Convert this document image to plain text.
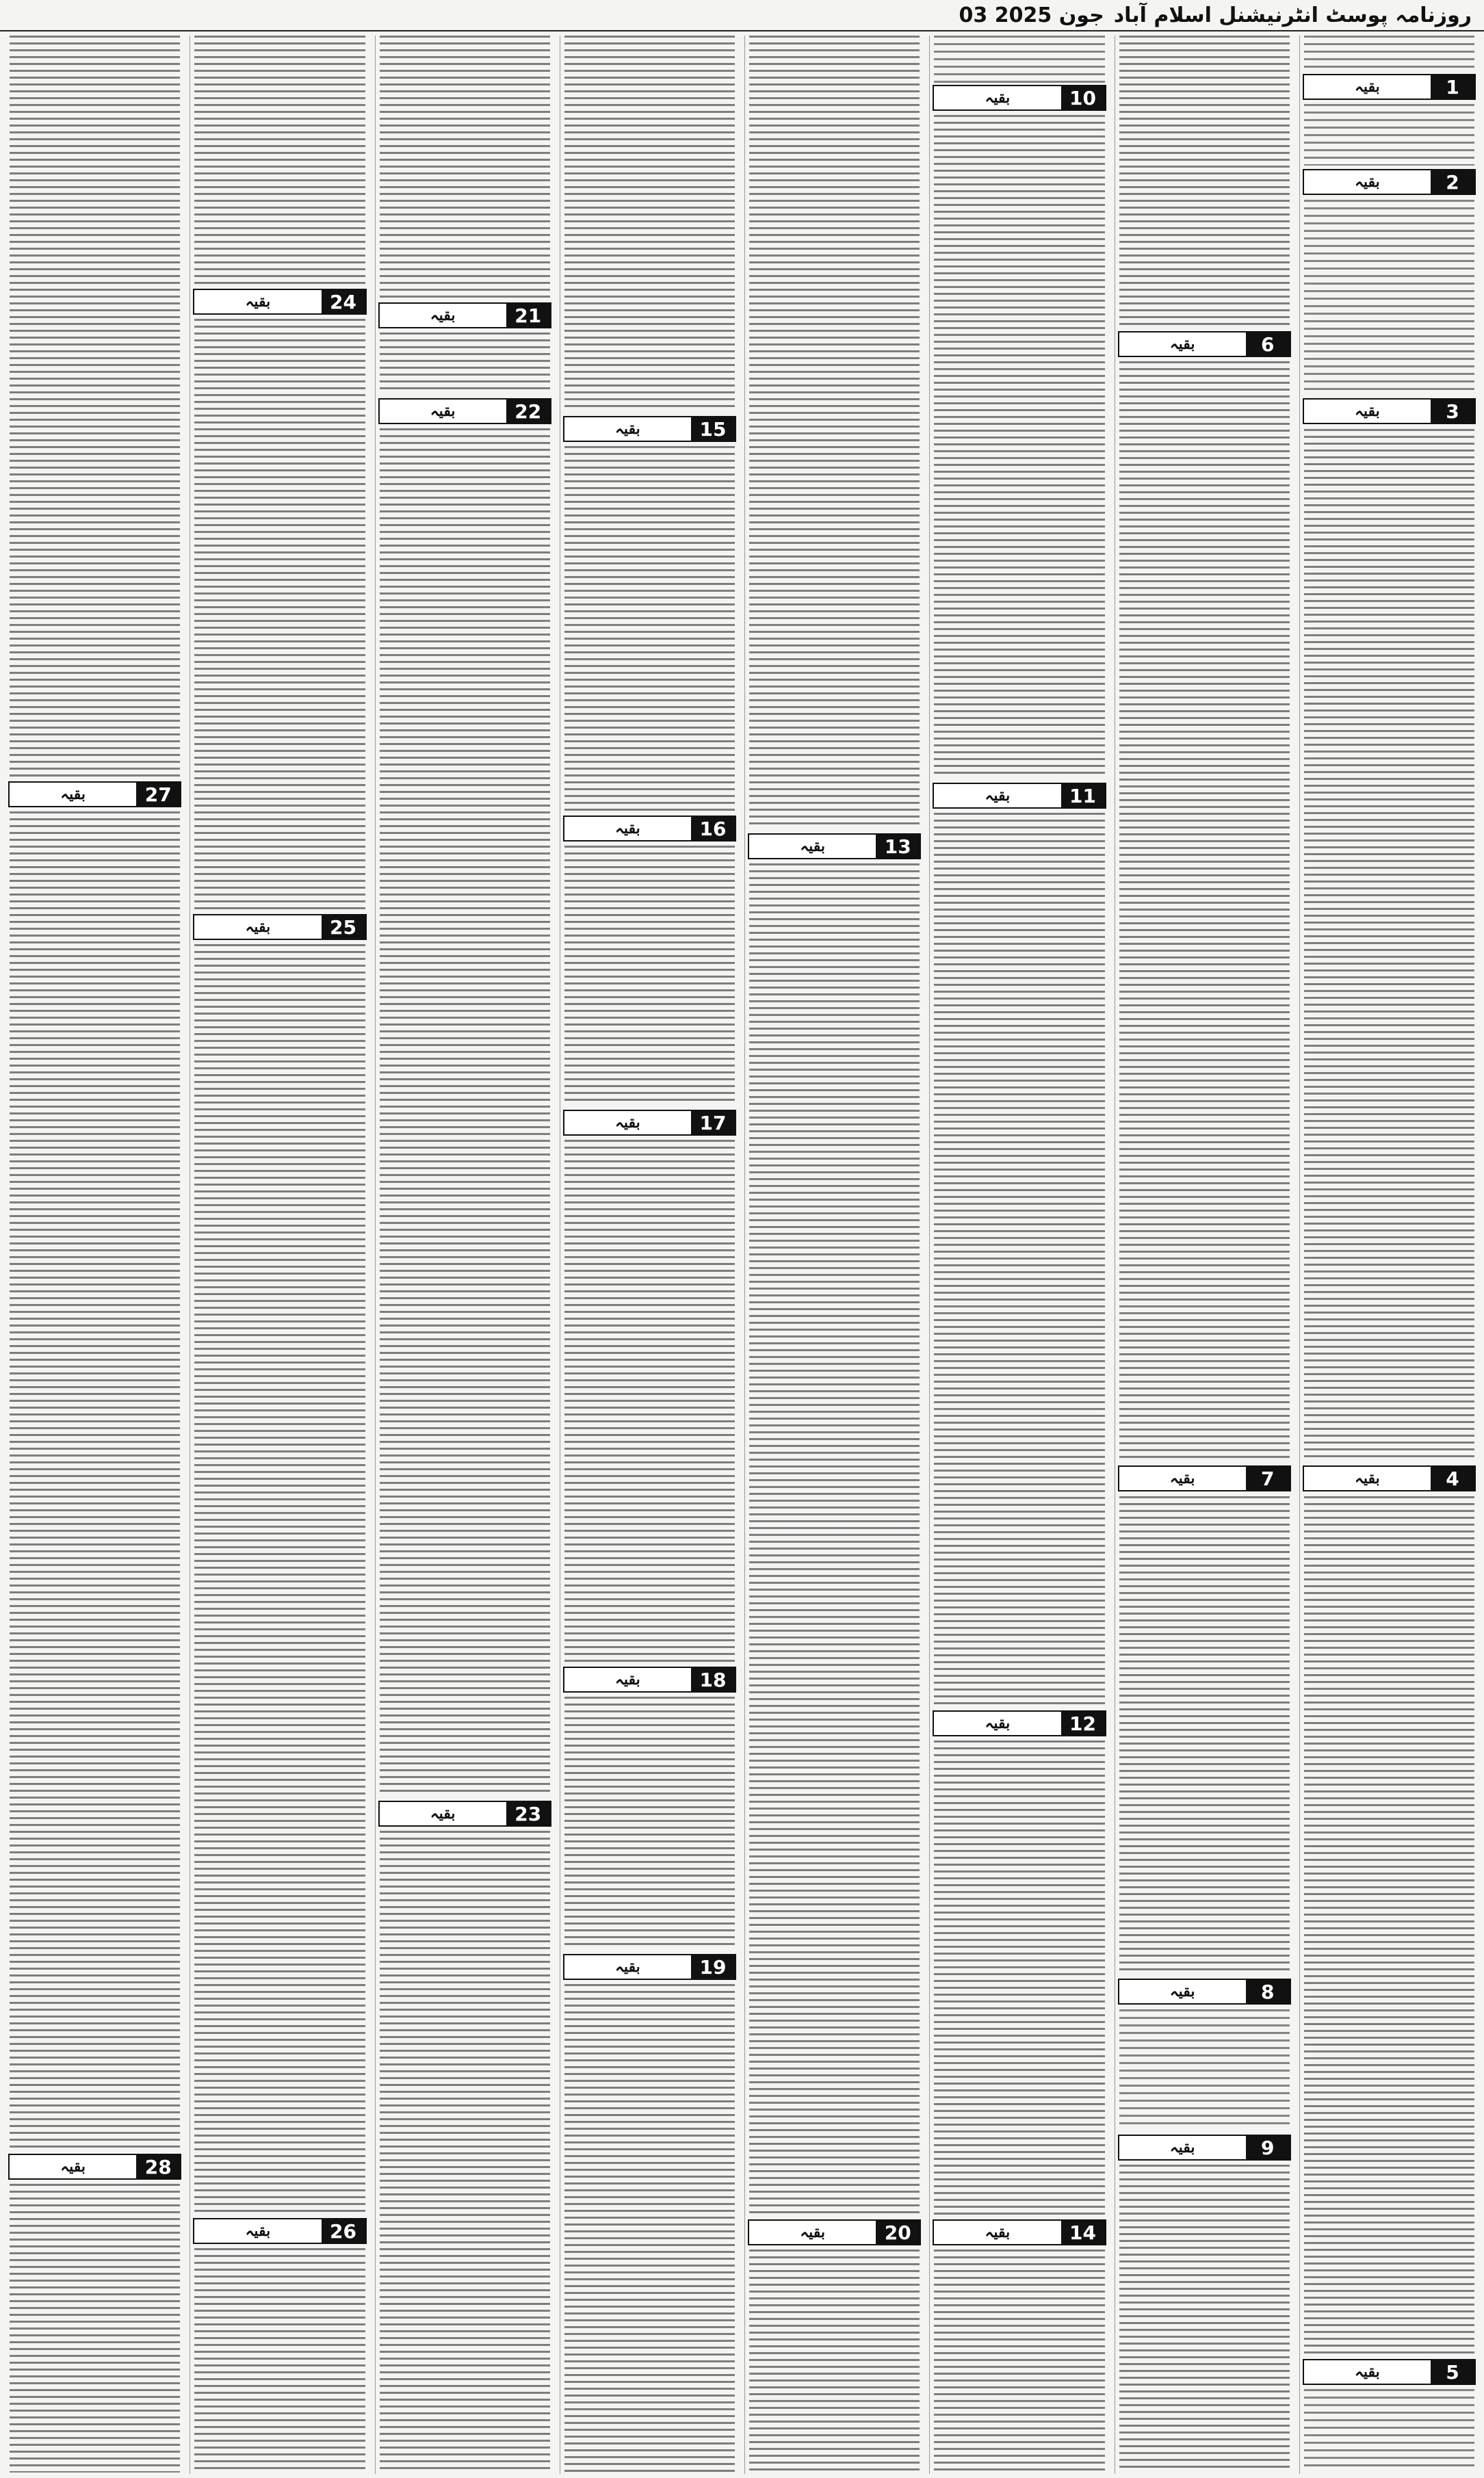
روزنامہ پوسٹ انٹرنیشنل اسلام آباد
03 جون 2025
1
بقیہ
2
بقیہ
3
بقیہ
4
بقیہ
5
بقیہ
6
بقیہ
7
بقیہ
8
بقیہ
9
بقیہ
10
بقیہ
11
بقیہ
12
بقیہ
14
بقیہ
13
بقیہ
20
بقیہ
15
بقیہ
16
بقیہ
17
بقیہ
18
بقیہ
19
بقیہ
21
بقیہ
22
بقیہ
23
بقیہ
24
بقیہ
25
بقیہ
26
بقیہ
27
بقیہ
28
بقیہ
